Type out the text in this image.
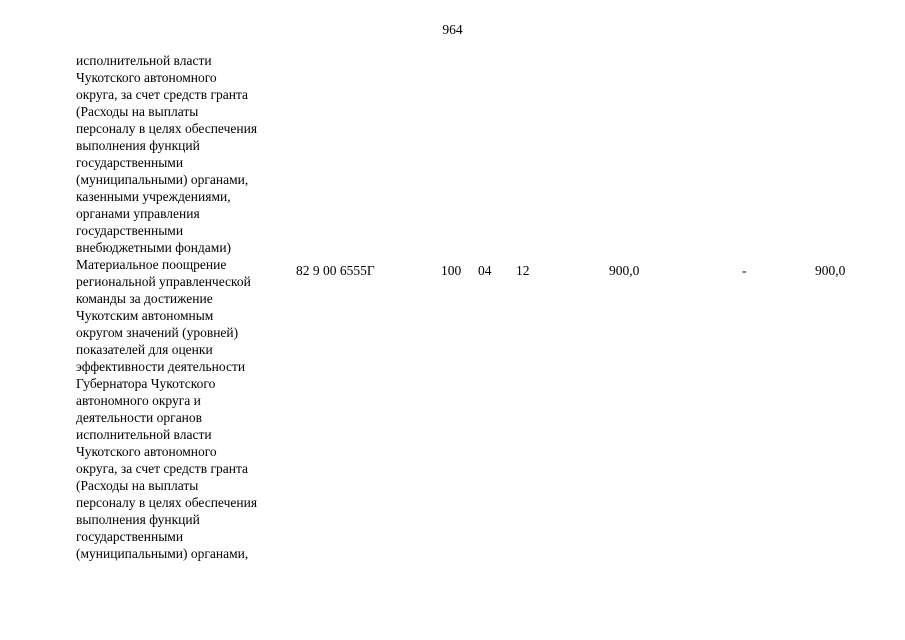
964
исполнительной власти
Чукотского автономного
округа, за счет средств гранта
(Расходы на выплаты
персоналу в целях обеспечения
выполнения функций
государственными
(муниципальными) органами,
казенными учреждениями,
органами управления
государственными
внебюджетными фондами)
Материальное поощрение
региональной управленческой
команды за достижение
Чукотским автономным
округом значений (уровней)
показателей для оценки
эффективности деятельности
Губернатора Чукотского
автономного округа и
деятельности органов
исполнительной власти
Чукотского автономного
округа, за счет средств гранта
(Расходы на выплаты
персоналу в целях обеспечения
выполнения функций
государственными
(муниципальными) органами,
82 9 00 6555Г	100 04 12	900,0	-	900,0
